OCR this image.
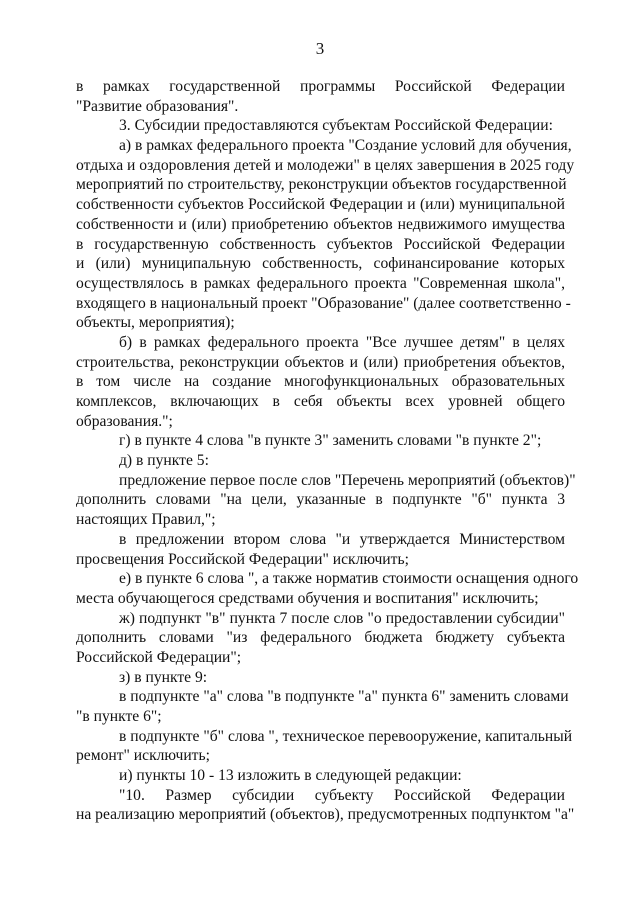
3
в рамках государственной программы Российской Федерации
"Развитие образования".
3. Субсидии предоставляются субъектам Российской Федерации:
а) в рамках федерального проекта "Создание условий для обучения,
отдыха и оздоровления детей и молодежи" в целях завершения в 2025 году
мероприятий по строительству, реконструкции объектов государственной
собственности субъектов Российской Федерации и (или) муниципальной
собственности и (или) приобретению объектов недвижимого имущества
в государственную собственность субъектов Российской Федерации
и (или) муниципальную собственность, софинансирование которых
осуществлялось в рамках федерального проекта "Современная школа",
входящего в национальный проект "Образование" (далее соответственно -
объекты, мероприятия);
б) в рамках федерального проекта "Все лучшее детям" в целях
строительства, реконструкции объектов и (или) приобретения объектов,
в том числе на создание многофункциональных образовательных
комплексов, включающих в себя объекты всех уровней общего
образования.";
г) в пункте 4 слова "в пункте 3" заменить словами "в пункте 2";
д) в пункте 5:
предложение первое после слов "Перечень мероприятий (объектов)"
дополнить словами "на цели, указанные в подпункте "б" пункта 3
настоящих Правил,";
в предложении втором слова "и утверждается Министерством
просвещения Российской Федерации" исключить;
е) в пункте 6 слова ", а также норматив стоимости оснащения одного
места обучающегося средствами обучения и воспитания" исключить;
ж) подпункт "в" пункта 7 после слов "о предоставлении субсидии"
дополнить словами "из федерального бюджета бюджету субъекта
Российской Федерации";
з) в пункте 9:
в подпункте "а" слова "в подпункте "а" пункта 6" заменить словами
"в пункте 6";
в подпункте "б" слова ", техническое перевооружение, капитальный
ремонт" исключить;
и) пункты 10 - 13 изложить в следующей редакции:
"10. Размер субсидии субъекту Российской Федерации
на реализацию мероприятий (объектов), предусмотренных подпунктом "а"
